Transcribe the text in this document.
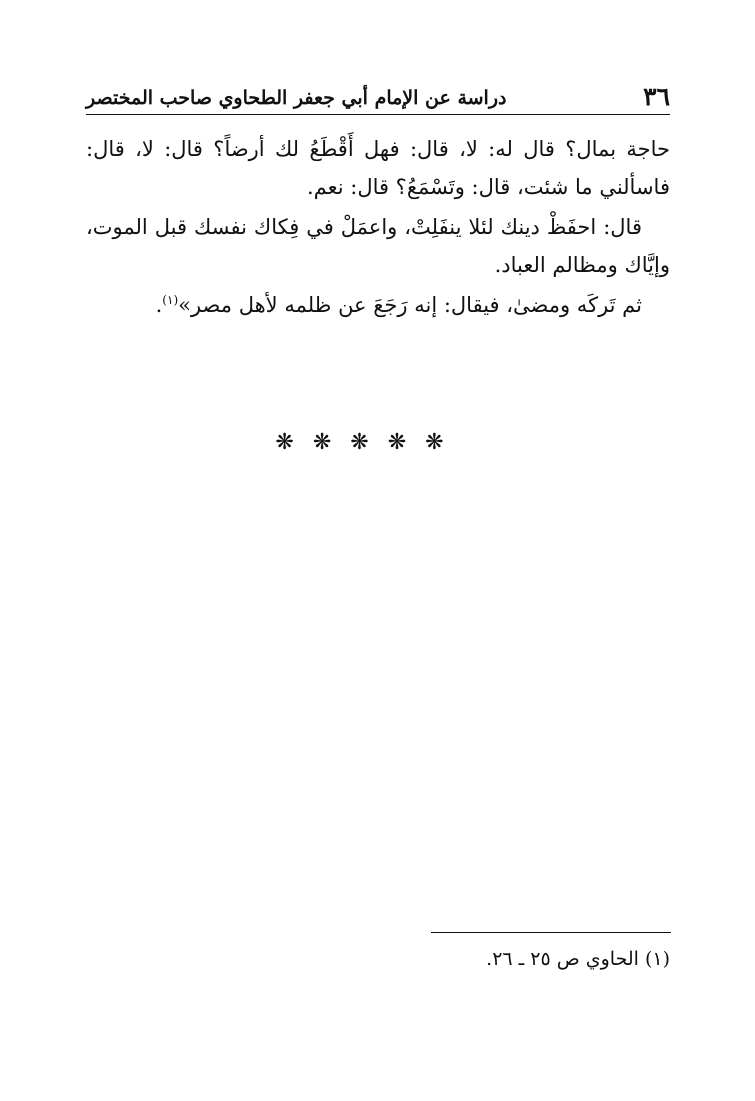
٣٦
دراسة عن الإمام أبي جعفر الطحاوي صاحب المختصر

حاجة بمال؟ قال له: لا، قال: فهل أَقْطَعُ لك أرضاً؟ قال: لا، قال: فاسألني ما شئت، قال: وتَسْمَعُ؟ قال: نعم.

قال: احفَظْ دينك لئلا ينفَلِتْ، واعمَلْ في فِكاك نفسك قبل الموت، وإيَّاك ومظالم العباد.

ثم تَركَه ومضىٰ، فيقال: إنه رَجَعَ عن ظلمه لأهل مصر»$^{(١)}$.

❋ ❋ ❋ ❋ ❋
(١) الحاوي ص ٢٥ ـ ٢٦.
